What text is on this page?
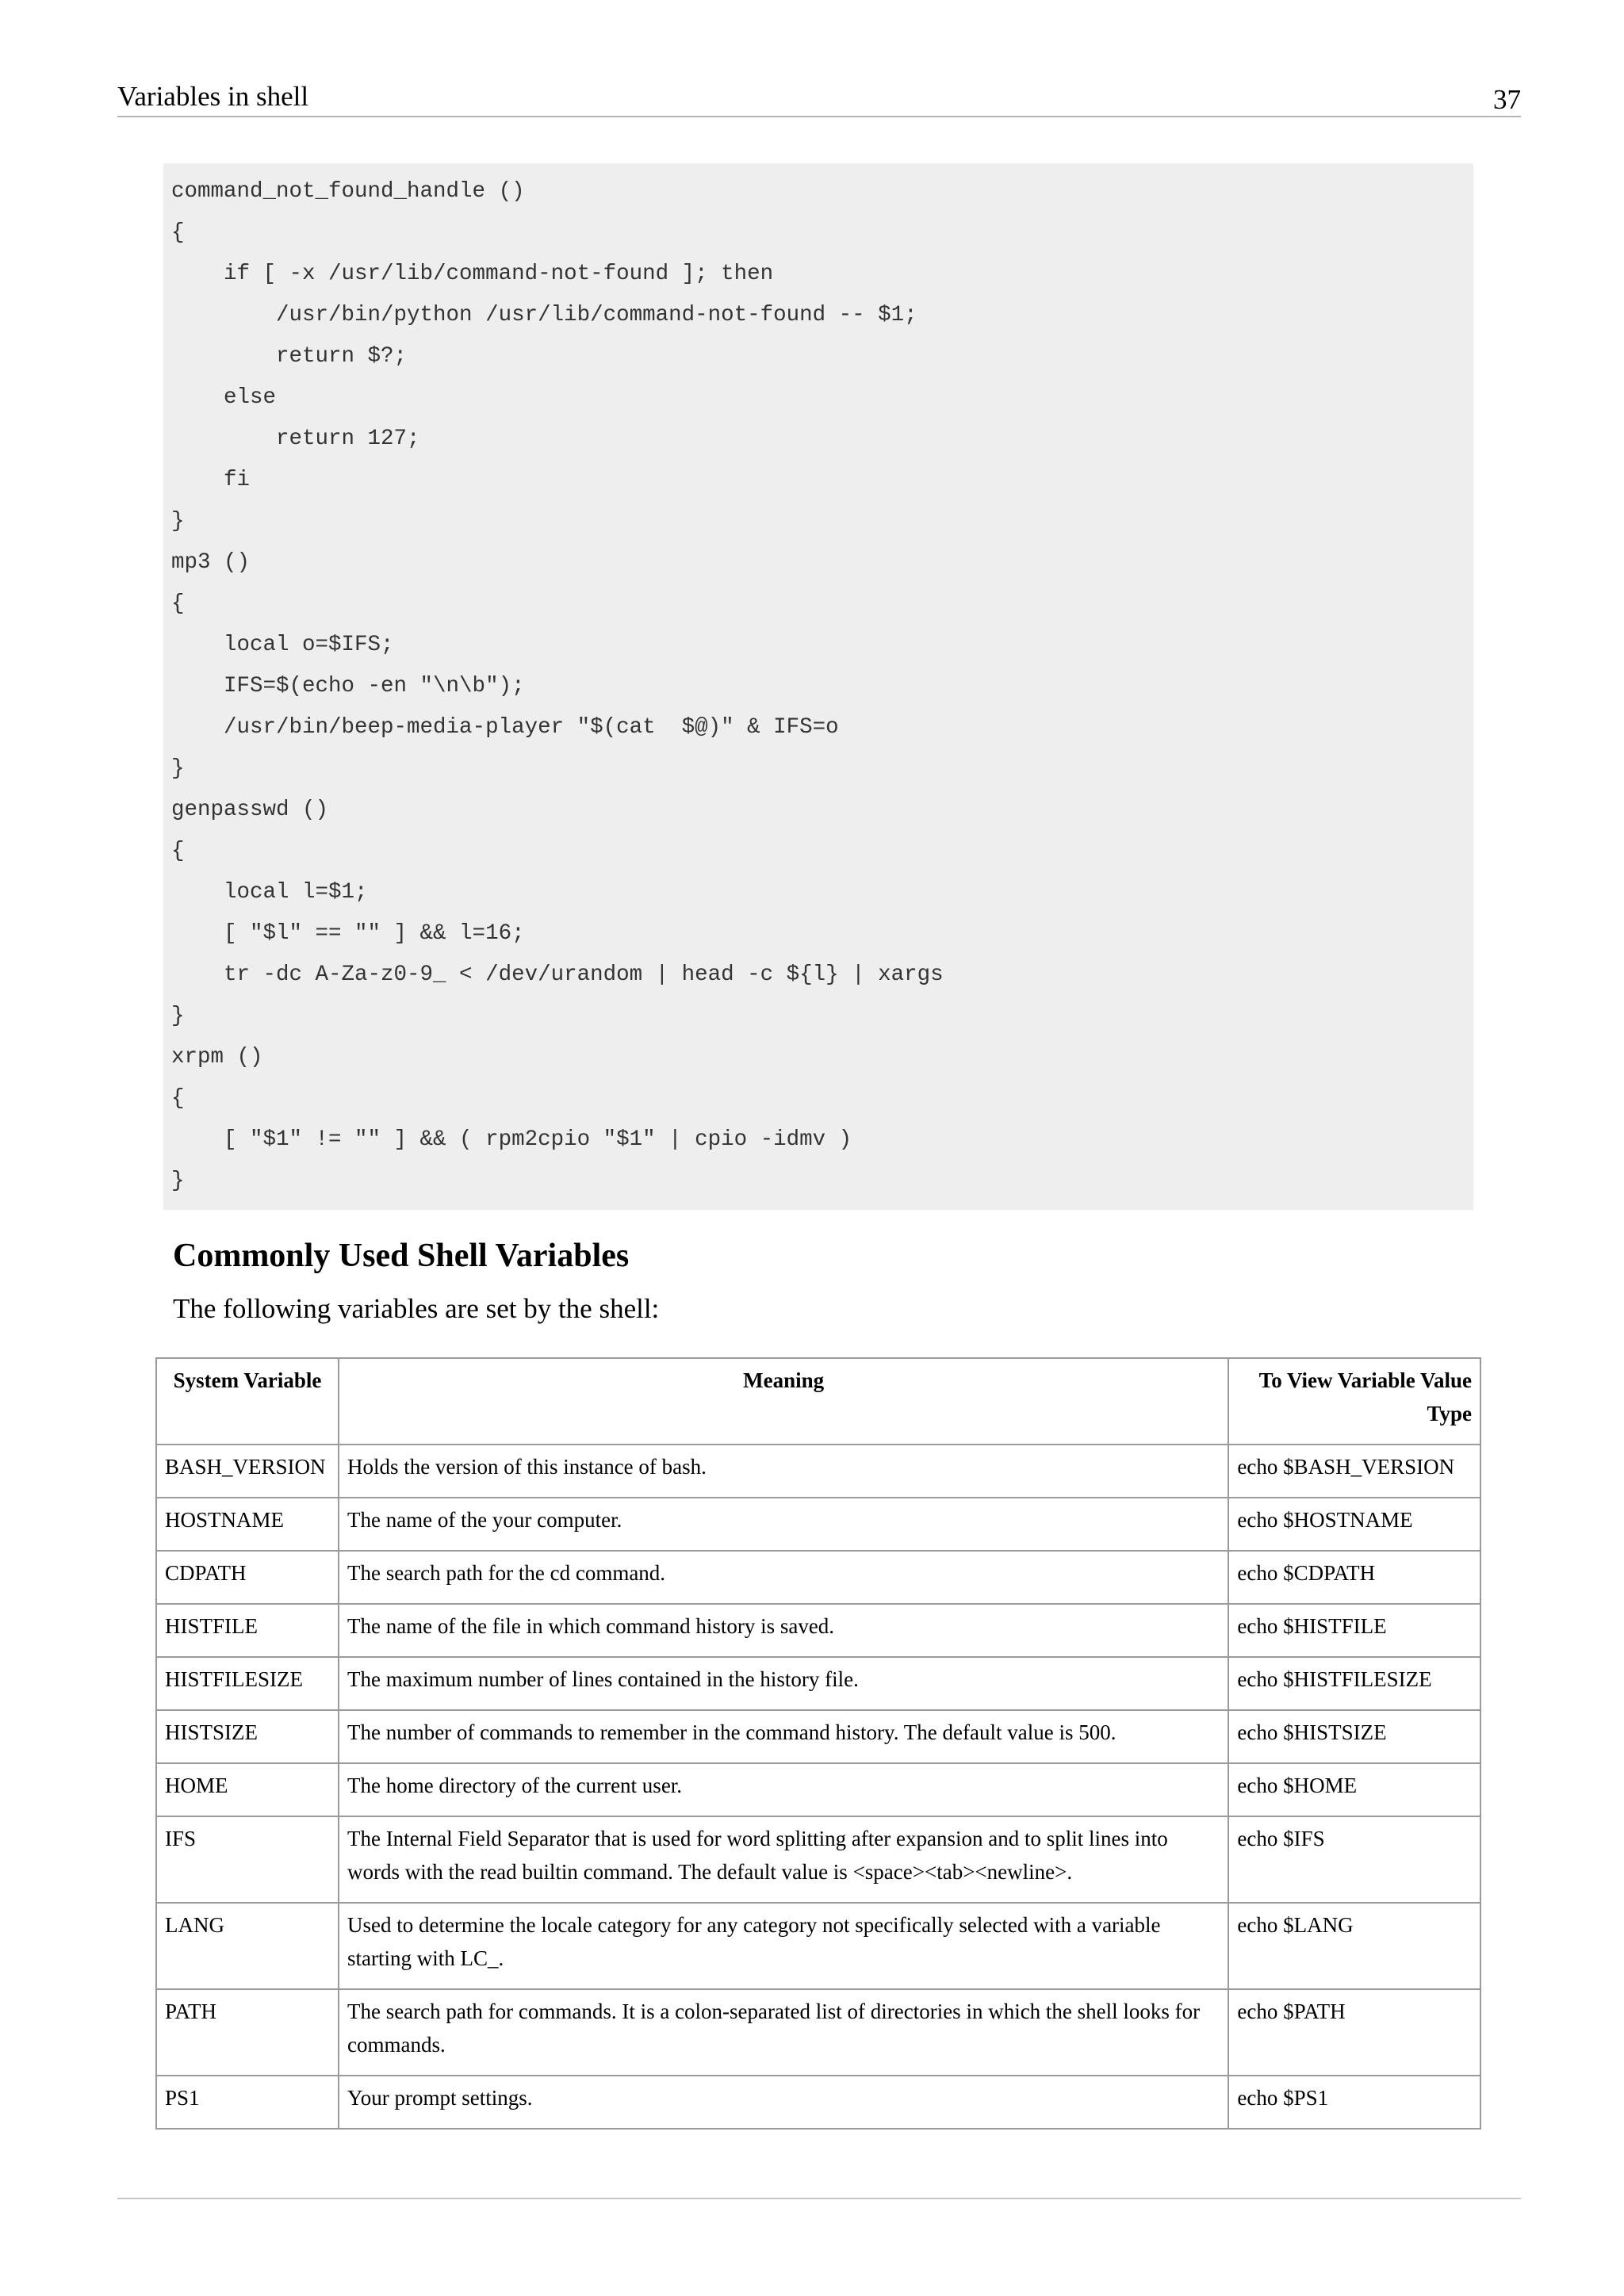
Variables in shell	37
command_not_found_handle ()
{
if [ -x /usr/lib/command-not-found ]; then
/usr/bin/python /usr/lib/command-not-found -- $1;
return $?;
else
return 127;
fi
}
mp3 ()
{
local o=$IFS;
IFS=$(echo -en "\n\b");
/usr/bin/beep-media-player "$(cat  $@)" & IFS=o
}
genpasswd ()
{
local l=$1;
[ "$l" == "" ] && l=16;
tr -dc A-Za-z0-9_ < /dev/urandom | head -c ${l} | xargs
}
xrpm ()
{
[ "$1" != "" ] && ( rpm2cpio "$1" | cpio -idmv )
}
Commonly Used Shell Variables

The following variables are set by the shell:

System Variable	Meaning	To View Variable Value Type
BASH_VERSION	Holds the version of this instance of bash.	echo $BASH_VERSION
HOSTNAME	The name of the your computer.	echo $HOSTNAME
CDPATH	The search path for the cd command.	echo $CDPATH
HISTFILE	The name of the file in which command history is saved.	echo $HISTFILE
HISTFILESIZE	The maximum number of lines contained in the history file.	echo $HISTFILESIZE
HISTSIZE	The number of commands to remember in the command history. The default value is 500.	echo $HISTSIZE
HOME	The home directory of the current user.	echo $HOME
IFS	The Internal Field Separator that is used for word splitting after expansion and to split lines into words with the read builtin command. The default value is <space><tab><newline>.	echo $IFS
LANG	Used to determine the locale category for any category not specifically selected with a variable starting with LC_.	echo $LANG
PATH	The search path for commands. It is a colon-separated list of directories in which the shell looks for commands.	echo $PATH
PS1	Your prompt settings.	echo $PS1
